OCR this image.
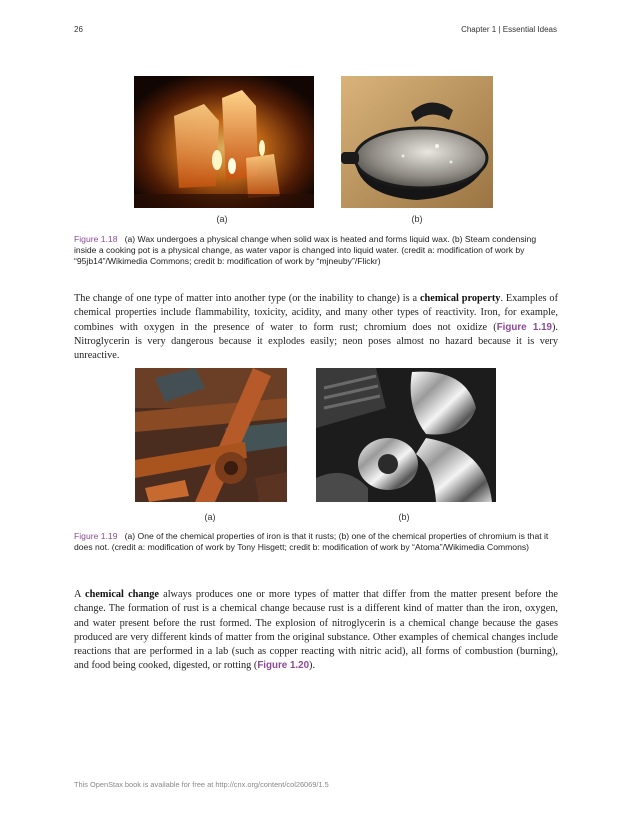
26	Chapter 1 | Essential Ideas
(a)	(b)
Figure 1.18 (a) Wax undergoes a physical change when solid wax is heated and forms liquid wax. (b) Steam condensing inside a cooking pot is a physical change, as water vapor is changed into liquid water. (credit a: modification of work by “95jb14”/Wikimedia Commons; credit b: modification of work by “mjneuby”/Flickr)
The change of one type of matter into another type (or the inability to change) is a chemical property. Examples of chemical properties include flammability, toxicity, acidity, and many other types of reactivity. Iron, for example, combines with oxygen in the presence of water to form rust; chromium does not oxidize (Figure 1.19). Nitroglycerin is very dangerous because it explodes easily; neon poses almost no hazard because it is very unreactive.
(a)	(b)
Figure 1.19 (a) One of the chemical properties of iron is that it rusts; (b) one of the chemical properties of chromium is that it does not. (credit a: modification of work by Tony Hisgett; credit b: modification of work by “Atoma”/Wikimedia Commons)
A chemical change always produces one or more types of matter that differ from the matter present before the change. The formation of rust is a chemical change because rust is a different kind of matter than the iron, oxygen, and water present before the rust formed. The explosion of nitroglycerin is a chemical change because the gases produced are very different kinds of matter from the original substance. Other examples of chemical changes include reactions that are performed in a lab (such as copper reacting with nitric acid), all forms of combustion (burning), and food being cooked, digested, or rotting (Figure 1.20).
This OpenStax book is available for free at http://cnx.org/content/col26069/1.5
